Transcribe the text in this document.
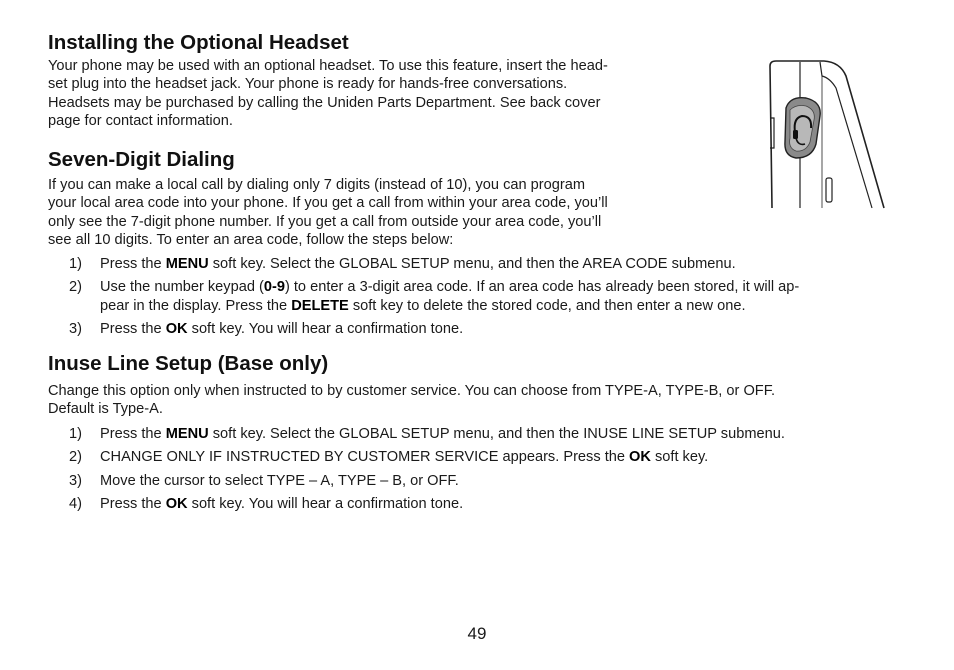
Installing the Optional Headset

Your phone may be used with an optional headset. To use this feature, insert the head-
set plug into the headset jack. Your phone is ready for hands-free conversations.
Headsets may be purchased by calling the Uniden Parts Department. See back cover
page for contact information.

Seven-Digit Dialing

If you can make a local call by dialing only 7 digits (instead of 10), you can program
your local area code into your phone. If you get a call from within your area code, you’ll
only see the 7-digit phone number. If you get a call from outside your area code, you’ll
see all 10 digits. To enter an area code, follow the steps below:

1) Press the MENU soft key. Select the GLOBAL SETUP menu, and then the AREA CODE submenu.
2) Use the number keypad (0-9) to enter a 3-digit area code. If an area code has already been stored, it will ap-
pear in the display. Press the DELETE soft key to delete the stored code, and then enter a new one.
3) Press the OK soft key. You will hear a confirmation tone.
Inuse Line Setup (Base only)

Change this option only when instructed to by customer service. You can choose from TYPE-A, TYPE-B, or OFF.
Default is Type-A.

1) Press the MENU soft key. Select the GLOBAL SETUP menu, and then the INUSE LINE SETUP submenu.
2) CHANGE ONLY IF INSTRUCTED BY CUSTOMER SERVICE appears. Press the OK soft key.
3) Move the cursor to select TYPE – A, TYPE – B, or OFF.
4) Press the OK soft key. You will hear a confirmation tone.
49
